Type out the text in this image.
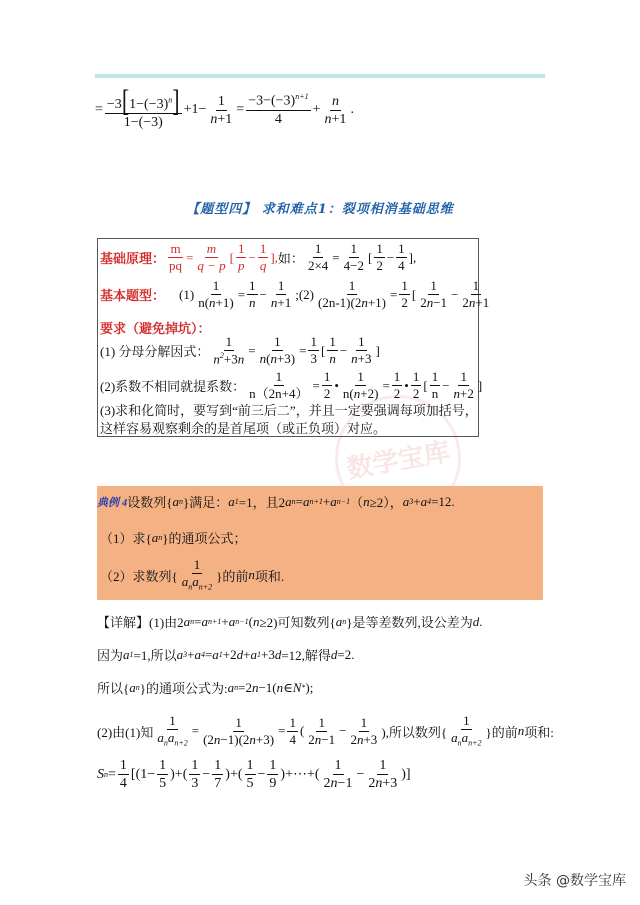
= $\frac{-3[1-(-3)^n]}{1-(-3)} +1- \frac{1}{n+1} = \frac{-3-(-3)^{n+1}}{4} + \frac{n}{n+1}$ .
【题型四】 求和难点1：裂项相消基础思维
数学宝库
基础原理： $\frac{m}{pq} = \frac{m}{q - p}$ [ $\frac{1}{p} - \frac{1}{q}$ ], 如： $\frac{1}{2\times 4} = \frac{1}{4-2}$ [ $\frac{1}{2} - \frac{1}{4}$ ],
基本题型： $(1) \frac{1}{n(n+1)} = \frac{1}{n} - \frac{1}{n+1}$ ;(2) $\frac{1}{(2n-1)(2n+1)} = \frac{1}{2}$ [ $\frac{1}{2n-1} - \frac{1}{2n+1}$
要求（避免掉坑）：
(1) 分母分解因式： $\frac{1}{n^2+3n} = \frac{1}{n(n+3)} = \frac{1}{3}$ [ $\frac{1}{n} - \frac{1}{n+3}$ ]
(2)系数不相同就提系数： $\frac{1}{n(2n+4)} = \frac{1}{2}$ • $\frac{1}{n(n+2)} = \frac{1}{2}$ • $\frac{1}{2}$ [ $\frac{1}{n} - \frac{1}{n+2}$ ]
(3)求和化简时，要写到“前三后二”，并且一定要强调每项加括号，
这样容易观察剩余的是首尾项（或正负项）对应。
典例 4 设数列{ a n }满足： a 1 =1，且2 a n = a n+1 + a n−1 （ n ≥2）， a 3 + a 4 =12.
（1）求{ a n }的通项公式；
（2）求数列{
1
$a_na_{n+2}$
}的前 n 项和.
【详解】(1)由2 a n = a n+1 + a n−1 ( n ≥2)可知数列{ a n }是等差数列,设公差为 d .
因为 a 1 =1,所以 a 3 + a 4 = a 1 +2 d + a 1 +3 d =12,解得 d =2.
所以{ a n }的通项公式为: a n =2 n −1( n ∈ N * );
(2)由(1)知
1
$a_na_{n+2}$
= $\frac{1}{(2n-1)(2n+3)} = \frac{1}{4}$ ( $\frac{1}{2n-1} - \frac{1}{2n+3}$ ),所以数列{
1
$a_na_{n+2}$
}的前 n 项和:
S $n = \frac{1}{4} [(1- \frac{1}{5}$ )+( $\frac{1}{3} - \frac{1}{7}$ )+( $\frac{1}{5} - \frac{1}{9}$ )+⋯+( $\frac{1}{2n-1} - \frac{1}{2n+3}$ )]
头条 @数学宝库
